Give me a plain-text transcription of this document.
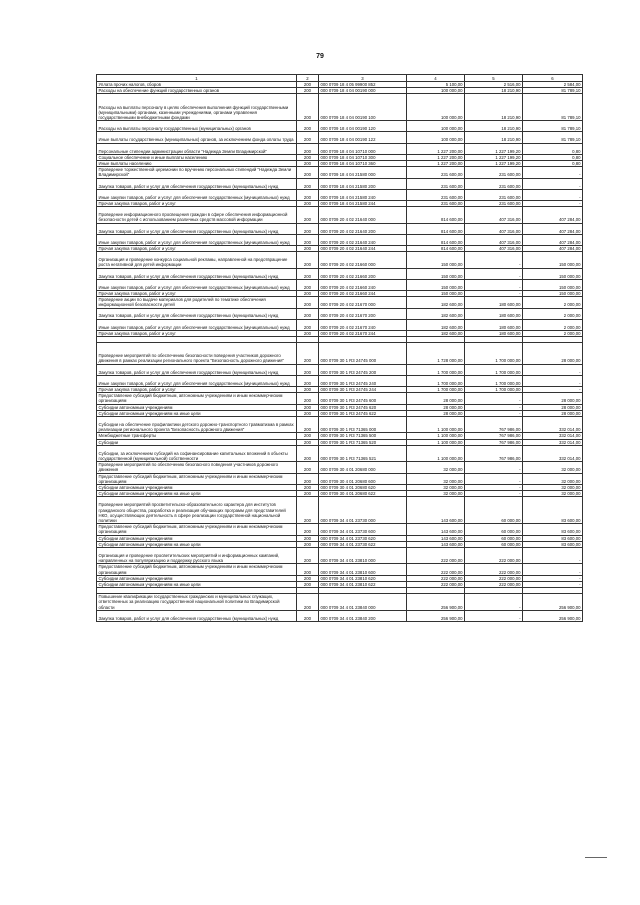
79
1	2	3	4	5	6
Уплата прочих налогов, сборов	200	000 0709 18 4 05 99900 852	5 100,00	2 516,00	2 584,00
Расходы на обеспечение функций государственных органов	200	000 0709 18 4 04 00190 000	100 000,00	18 210,90	81 789,10
Расходы на выплаты персоналу в целях обеспечения выполнения функций государственными (муниципальными) органами, казенными учреждениями, органами управления государственными внебюджетными фондами	200	000 0709 18 4 04 00190 100	100 000,00	18 210,90	81 789,10
Расходы на выплаты персоналу государственных (муниципальных) органов	200	000 0709 18 4 04 00190 120	100 000,00	18 210,90	81 789,10
Иные выплаты государственных (муниципальных) органов, за исключением фонда оплаты труда	200	000 0709 18 4 04 00190 122	100 000,00	18 210,90	81 789,10
Персональные стипендии администрации области "Надежда Земли Владимирской"	200	000 0709 18 4 04 10710 000	1 227 200,00	1 227 199,20	0,80
Социальное обеспечение и иные выплаты населению	200	000 0709 18 4 04 10710 300	1 227 200,00	1 227 199,20	0,80
Иные выплаты населению	200	000 0709 18 4 04 10710 360	1 227 200,00	1 227 199,20	0,80
Проведение торжественной церемонии по вручению персональных стипендий "Надежда Земли Владимирской"	200	000 0709 18 4 04 21580 000	231 600,00	231 600,00	-
Закупка товаров, работ и услуг для обеспечения государственных (муниципальных) нужд	200	000 0709 18 4 04 21580 200	231 600,00	231 600,00	-
Иные закупки товаров, работ и услуг для обеспечения государственных (муниципальных) нужд	200	000 0709 18 4 04 21580 240	231 600,00	231 600,00	-
Прочая закупка товаров, работ и услуг	200	000 0709 18 4 04 21580 244	231 600,00	231 600,00	-
Проведение информационного просвещения граждан в сфере обеспечения информационной безопасности детей с использованием различных средств массовой информации	200	000 0709 20 4 02 21640 000	814 600,00	407 316,00	407 284,00
Закупка товаров, работ и услуг для обеспечения государственных (муниципальных) нужд	200	000 0709 20 4 02 21640 200	814 600,00	407 316,00	407 284,00
Иные закупки товаров, работ и услуг для обеспечения государственных (муниципальных) нужд	200	000 0709 20 4 02 21640 240	814 600,00	407 316,00	407 284,00
Прочая закупка товаров, работ и услуг	200	000 0709 20 4 02 21640 244	814 600,00	407 316,00	407 284,00
Организация и проведение конкурса социальной рекламы, направленной на предотвращение роста негативной для детей информации	200	000 0709 20 4 02 21660 000	150 000,00	-	150 000,00
Закупка товаров, работ и услуг для обеспечения государственных (муниципальных) нужд	200	000 0709 20 4 02 21660 200	150 000,00	-	150 000,00
Иные закупки товаров, работ и услуг для обеспечения государственных (муниципальных) нужд	200	000 0709 20 4 02 21660 240	150 000,00	-	150 000,00
Прочая закупка товаров, работ и услуг	200	000 0709 20 4 02 21660 244	150 000,00	-	150 000,00
Проведение акции по выдаче материалов для родителей по тематике обеспечения информационной безопасности детей	200	000 0709 20 4 02 21670 000	182 600,00	180 600,00	2 000,00
Закупка товаров, работ и услуг для обеспечения государственных (муниципальных) нужд	200	000 0709 20 4 02 21670 200	182 600,00	180 600,00	2 000,00
Иные закупки товаров, работ и услуг для обеспечения государственных (муниципальных) нужд	200	000 0709 20 4 02 21670 240	182 600,00	180 600,00	2 000,00
Прочая закупка товаров, работ и услуг	200	000 0709 20 4 02 21670 244	182 600,00	180 600,00	2 000,00

Проведение мероприятий по обеспечению безопасности поведения участников дорожного движения в рамках реализации регионального проекта "Безопасность дорожного движения"	200	000 0709 30 1 R3 24745 000	1 728 000,00	1 700 000,00	28 000,00
Закупка товаров, работ и услуг для обеспечения государственных (муниципальных) нужд	200	000 0709 30 1 R3 24745 200	1 700 000,00	1 700 000,00	-
Иные закупки товаров, работ и услуг для обеспечения государственных (муниципальных) нужд	200	000 0709 30 1 R3 24745 240	1 700 000,00	1 700 000,00	-
Прочая закупка товаров, работ и услуг	200	000 0709 30 1 R3 24745 244	1 700 000,00	1 700 000,00	-
Предоставление субсидий бюджетным, автономным учреждениям и иным некоммерческим организациям	200	000 0709 30 1 R3 24745 600	28 000,00	-	28 000,00
Субсидии автономным учреждениям	200	000 0709 30 1 R3 24745 620	28 000,00	-	28 000,00
Субсидии автономным учреждениям на иные цели	200	000 0709 30 1 R3 24745 622	28 000,00	-	28 000,00
Субсидии на обеспечение профилактики детского дорожно-транспортного травматизма в рамках реализации регионального проекта "Безопасность дорожного движения"	200	000 0709 30 1 R3 71365 000	1 100 000,00	767 986,00	332 014,00
Межбюджетные трансферты	200	000 0709 30 1 R3 71365 500	1 100 000,00	767 986,00	332 014,00
Субсидии	200	000 0709 30 1 R3 71365 520	1 100 000,00	767 986,00	332 014,00
Субсидии, за исключением субсидий на софинансирование капитальных вложений в объекты государственной (муниципальной) собственности	200	000 0709 30 1 R3 71365 521	1 100 000,00	767 986,00	332 014,00
Проведение мероприятий по обеспечению безопасного поведения участников дорожного движения	200	000 0709 30 4 01 20680 000	32 000,00	-	32 000,00
Предоставление субсидий бюджетным, автономным учреждениям и иным некоммерческим организациям	200	000 0709 30 4 01 20680 600	32 000,00	-	32 000,00
Субсидии автономным учреждениям	200	000 0709 30 4 01 20680 620	32 000,00	-	32 000,00
Субсидии автономным учреждениям на иные цели	200	000 0709 30 4 01 20680 622	32 000,00	-	32 000,00
Проведение мероприятий просветительско-образовательного характера для институтов гражданского общества, разработка и реализация обучающих программ для представителей НКО, осуществляющих деятельность в сфере реализации государственной национальной политики	200	000 0709 34 4 01 23730 000	143 600,00	60 000,00	83 600,00
Предоставление субсидий бюджетным, автономным учреждениям и иным некоммерческим организациям	200	000 0709 34 4 01 23730 600	143 600,00	60 000,00	83 600,00
Субсидии автономным учреждениям	200	000 0709 34 4 01 23730 620	143 600,00	60 000,00	83 600,00
Субсидии автономным учреждениям на иные цели	200	000 0709 34 4 01 23730 622	143 600,00	60 000,00	83 600,00
Организация и проведение просветительских мероприятий и информационных кампаний, направленных на популяризацию и поддержку русского языка	200	000 0709 34 4 01 23810 000	222 000,00	222 000,00	-
Предоставление субсидий бюджетным, автономным учреждениям и иным некоммерческим организациям	200	000 0709 34 4 01 23810 600	222 000,00	222 000,00	-
Субсидии автономным учреждениям	200	000 0709 34 4 01 23810 620	222 000,00	222 000,00	-
Субсидии автономным учреждениям на иные цели	200	000 0709 34 4 01 23810 622	222 000,00	222 000,00	-

Повышение квалификации государственных гражданских и муниципальных служащих, ответственных за реализацию государственной национальной политики во Владимирской области	200	000 0709 34 4 01 23840 000	256 900,00	-	256 900,00
Закупка товаров, работ и услуг для обеспечения государственных (муниципальных) нужд	200	000 0709 34 4 01 23840 200	256 900,00	-	256 900,00
